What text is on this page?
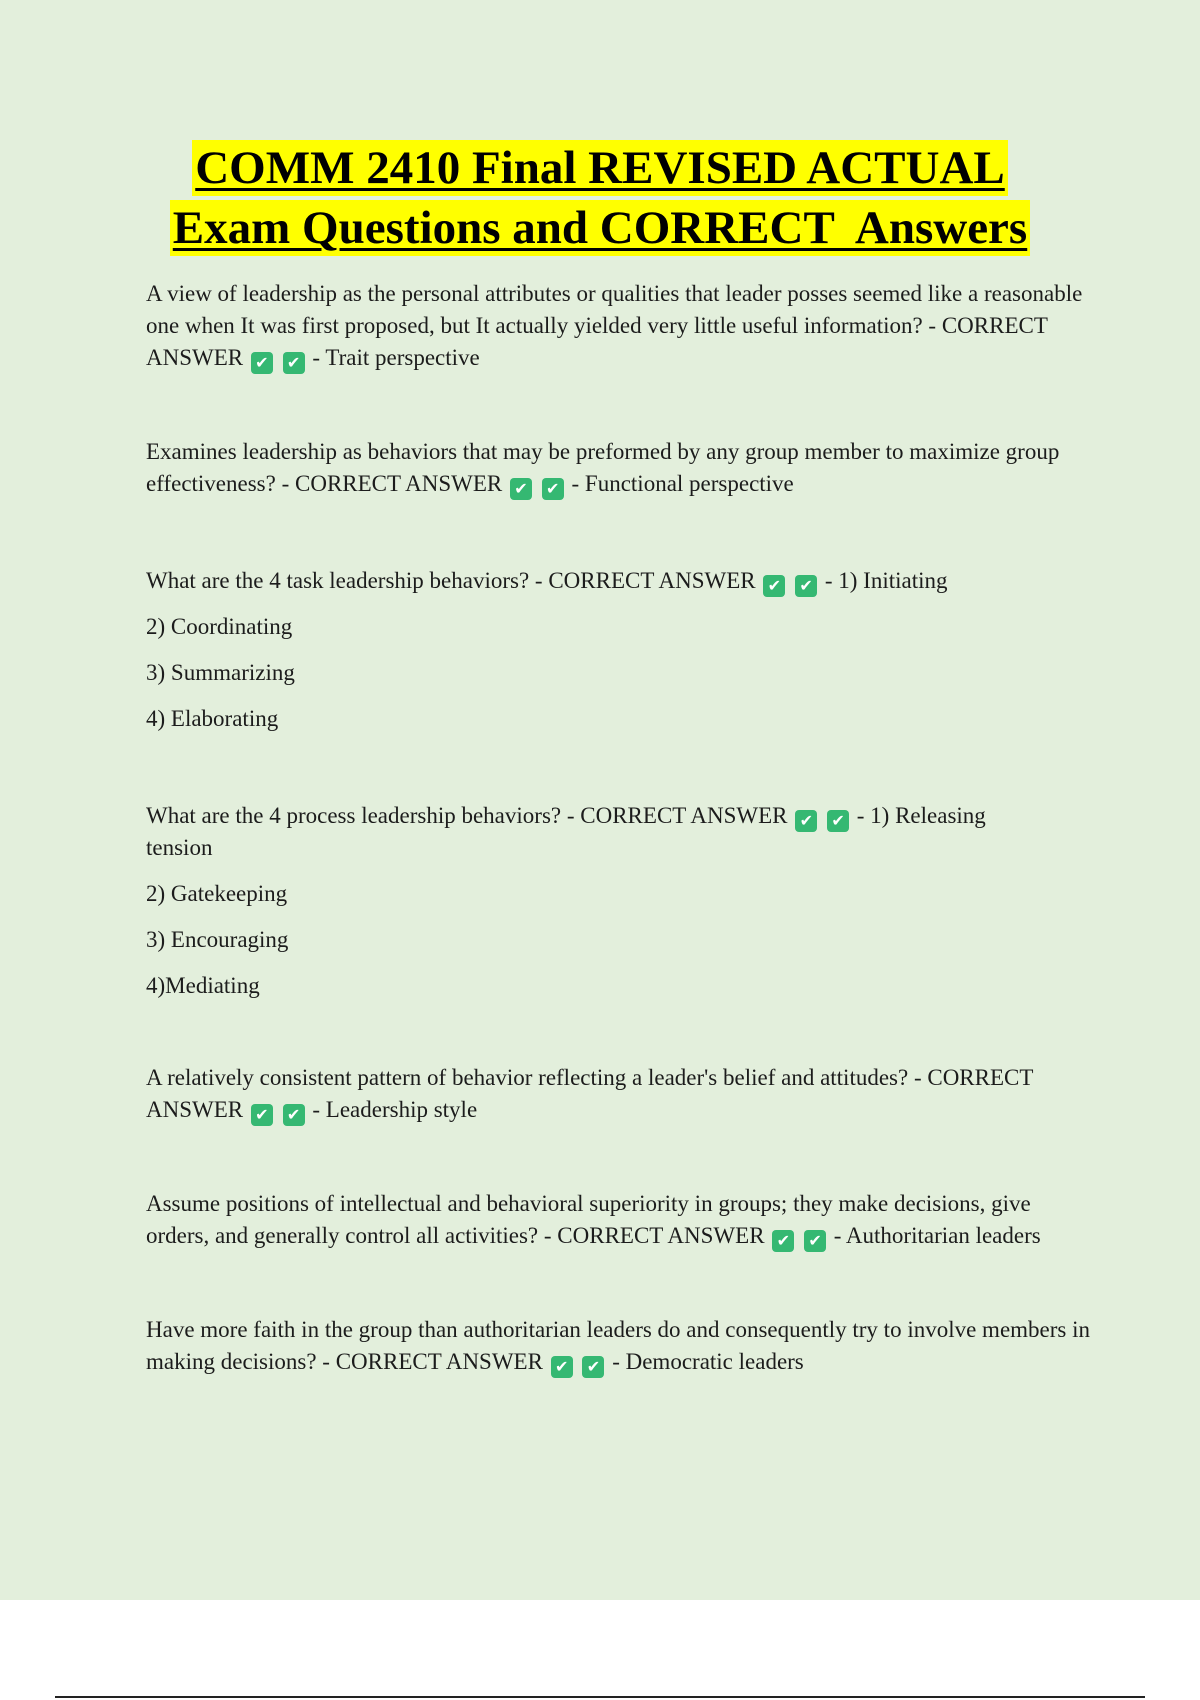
COMM 2410 Final REVISED ACTUAL
Exam Questions and CORRECT  Answers

A view of leadership as the personal attributes or qualities that leader posses seemed like a reasonable one when It was first proposed, but It actually yielded very little useful information? - CORRECT ANSWER ✔ ✔ - Trait perspective

Examines leadership as behaviors that may be preformed by any group member to maximize group effectiveness? - CORRECT ANSWER ✔ ✔ - Functional perspective

What are the 4 task leadership behaviors? - CORRECT ANSWER ✔ ✔ - 1) Initiating

2) Coordinating

3) Summarizing

4) Elaborating

What are the 4 process leadership behaviors? - CORRECT ANSWER ✔ ✔ - 1) Releasing tension

2) Gatekeeping

3) Encouraging

4)Mediating

A relatively consistent pattern of behavior reflecting a leader's belief and attitudes? - CORRECT ANSWER ✔ ✔ - Leadership style

Assume positions of intellectual and behavioral superiority in groups; they make decisions, give orders, and generally control all activities? - CORRECT ANSWER ✔ ✔ - Authoritarian leaders

Have more faith in the group than authoritarian leaders do and consequently try to involve members in making decisions? - CORRECT ANSWER ✔ ✔ - Democratic leaders
